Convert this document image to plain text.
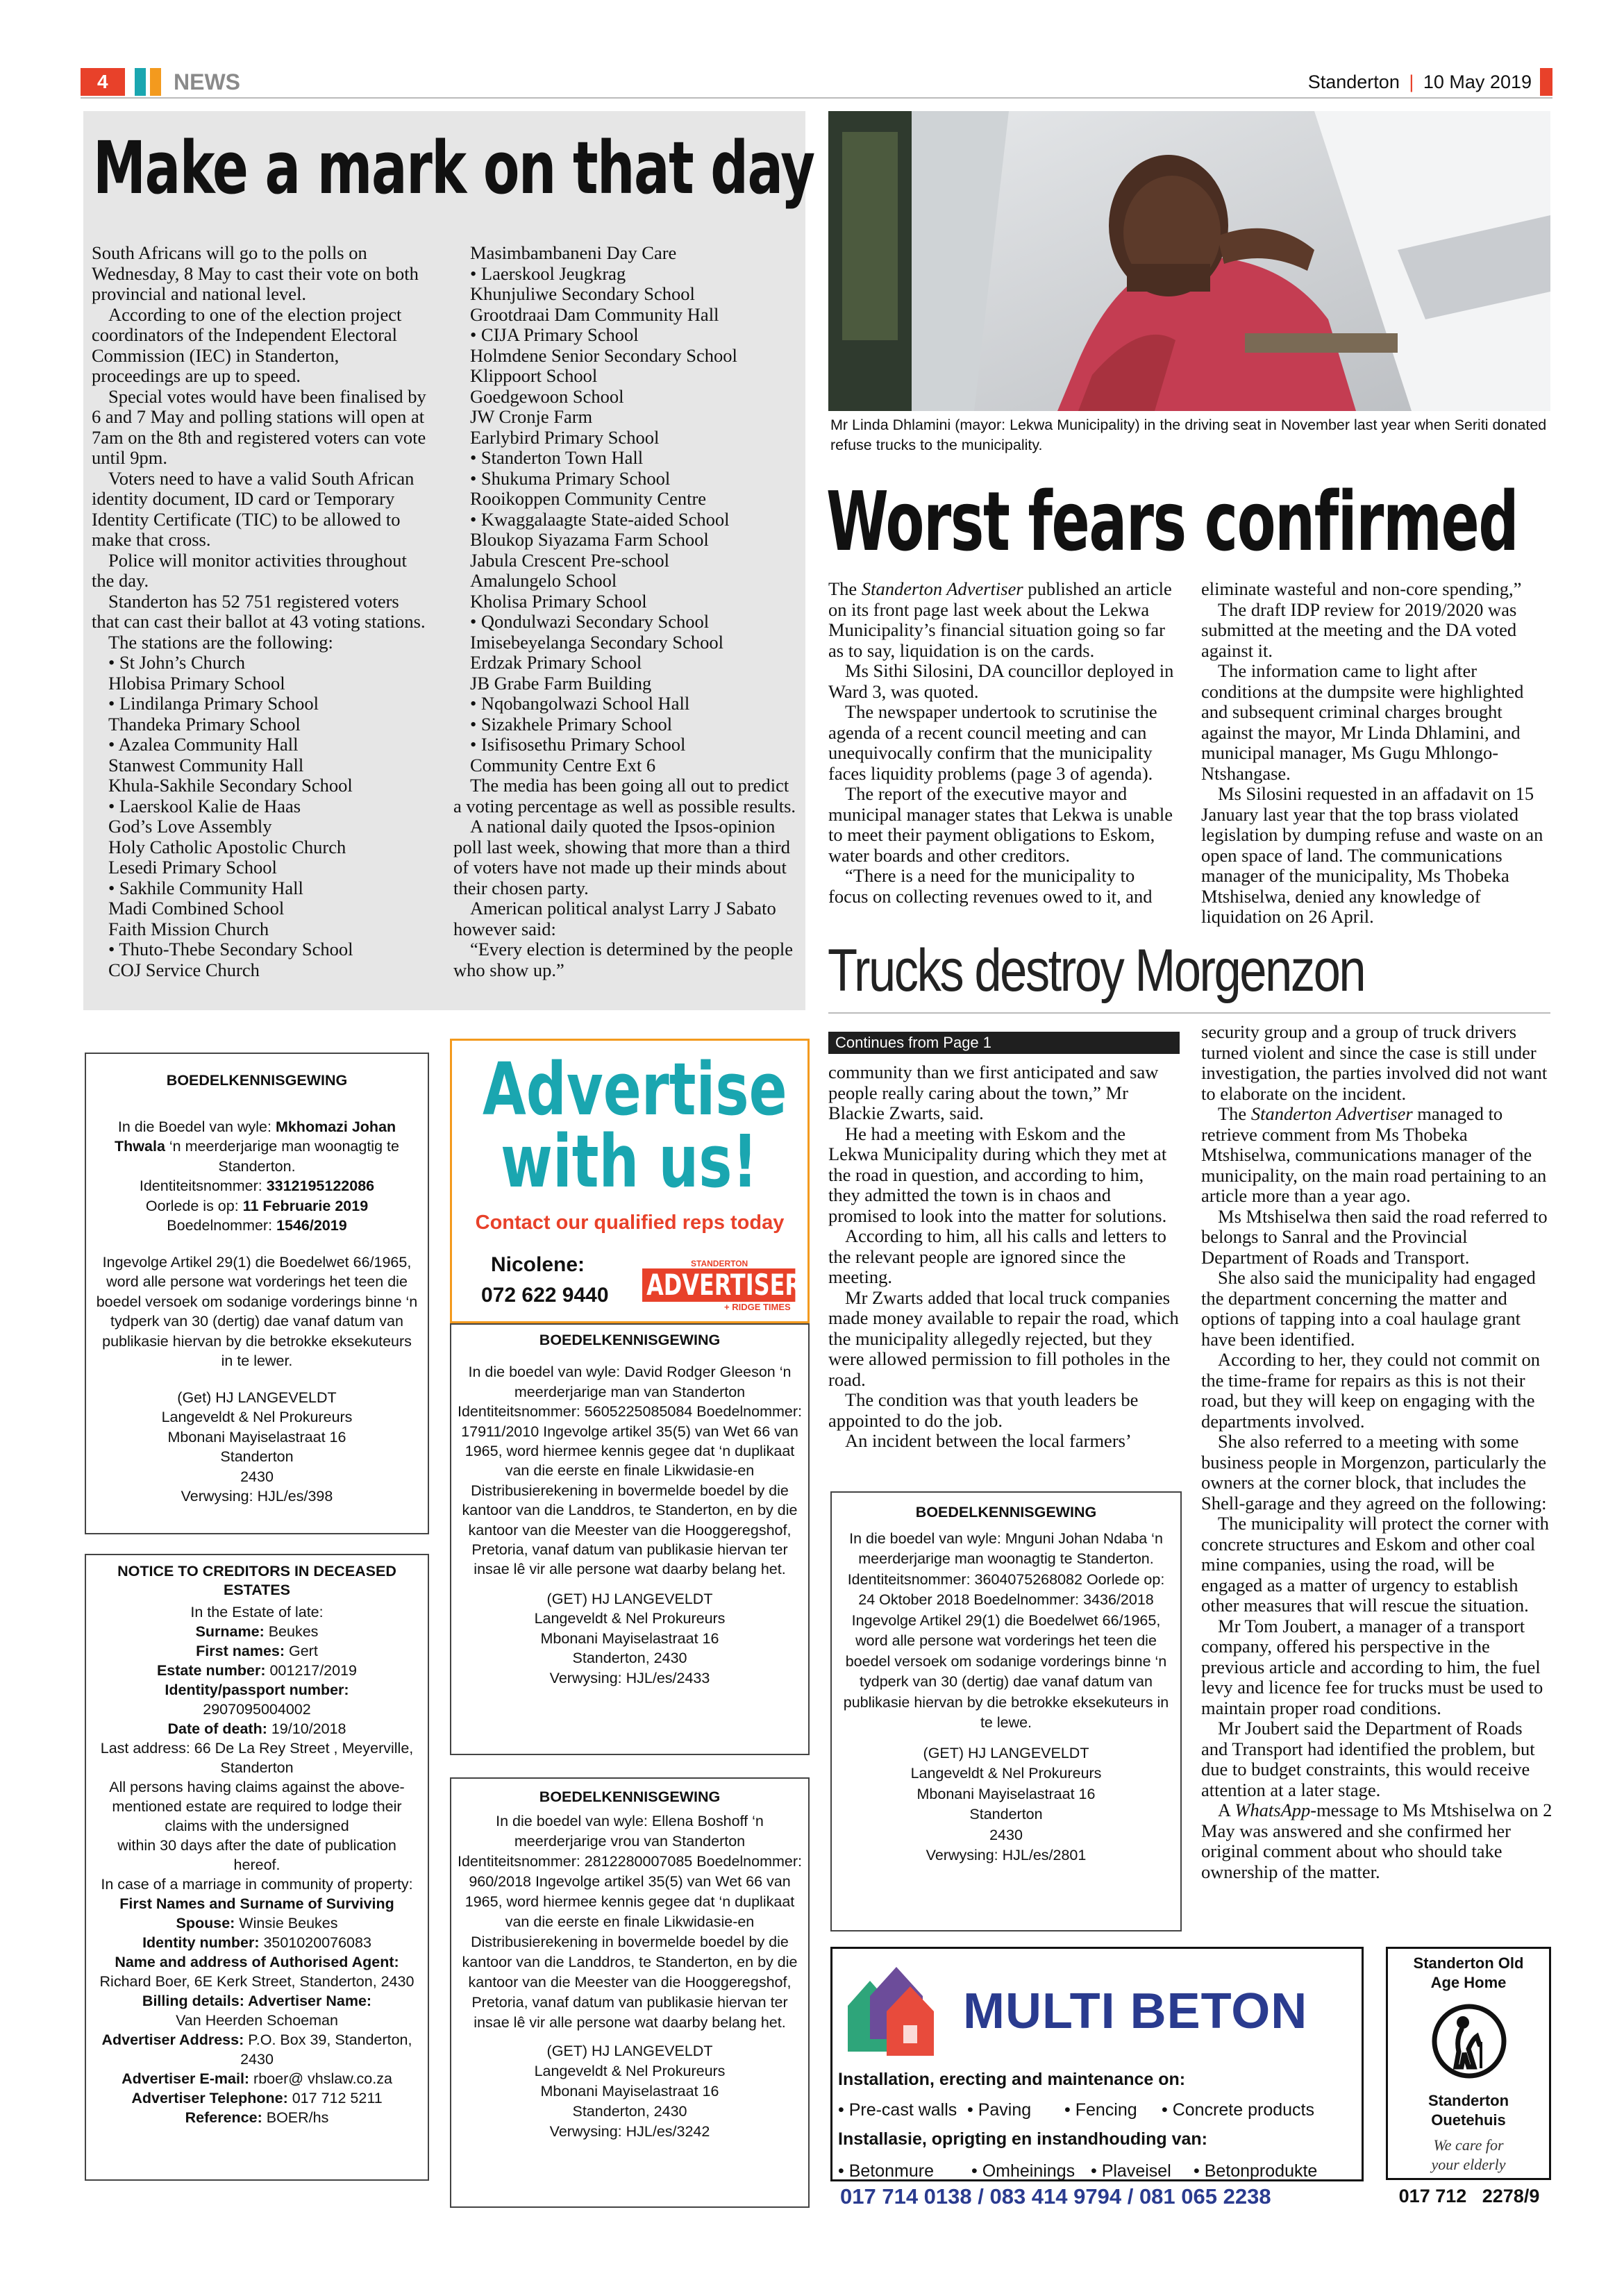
4	NEWS	Standerton | 10 May 2019
Make a mark on that day

South Africans will go to the polls on Wednesday, 8 May to cast their vote on both provincial and national level.

According to one of the election project coordinators of the Independent Electoral Commission (IEC) in Standerton, proceedings are up to speed.

Special votes would have been finalised by 6 and 7 May and polling stations will open at 7am on the 8th and registered voters can vote until 9pm.

Voters need to have a valid South African identity document, ID card or Temporary Identity Certificate (TIC) to be allowed to make that cross.

Police will monitor activities throughout the day.

Standerton has 52 751 registered voters that can cast their ballot at 43 voting stations.

The stations are the following:

• St John’s Church
Hlobisa Primary School
• Lindilanga Primary School
Thandeka Primary School
• Azalea Community Hall
Stanwest Community Hall
Khula-Sakhile Secondary School
• Laerskool Kalie de Haas
God’s Love Assembly
Holy Catholic Apostolic Church
Lesedi Primary School
• Sakhile Community Hall
Madi Combined School
Faith Mission Church
• Thuto-Thebe Secondary School
COJ Service Church
Masimbambaneni Day Care
• Laerskool Jeugkrag
Khunjuliwe Secondary School
Grootdraai Dam Community Hall
• CIJA Primary School
Holmdene Senior Secondary School
Klippoort School
Goedgewoon School
JW Cronje Farm
Earlybird Primary School
• Standerton Town Hall
• Shukuma Primary School
Rooikoppen Community Centre
• Kwaggalaagte State-aided School
Bloukop Siyazama Farm School
Jabula Crescent Pre-school
Amalungelo School
Kholisa Primary School
• Qondulwazi Secondary School
Imisebeyelanga Secondary School
Erdzak Primary School
JB Grabe Farm Building
• Nqobangolwazi School Hall
• Sizakhele Primary School
• Isifisosethu Primary School
Community Centre Ext 6

The media has been going all out to predict a voting percentage as well as possible results.

A national daily quoted the Ipsos-opinion poll last week, showing that more than a third of voters have not made up their minds about their chosen party.

American political analyst Larry J Sabato however said:

“Every election is determined by the people who show up.”

Mr Linda Dhlamini (mayor: Lekwa Municipality) in the driving seat in November last year when Seriti donated refuse trucks to the municipality.
Worst fears confirmed

The Standerton Advertiser published an article on its front page last week about the Lekwa Municipality’s financial situation going so far as to say, liquidation is on the cards.

Ms Sithi Silosini, DA councillor deployed in Ward 3, was quoted.

The newspaper undertook to scrutinise the agenda of a recent council meeting and can unequivocally confirm that the municipality faces liquidity problems (page 3 of agenda).

The report of the executive mayor and municipal manager states that Lekwa is unable to meet their payment obligations to Eskom, water boards and other creditors.

“There is a need for the municipality to focus on collecting revenues owed to it, and

eliminate wasteful and non-core spending,”

The draft IDP review for 2019/2020 was submitted at the meeting and the DA voted against it.

The information came to light after conditions at the dumpsite were highlighted and subsequent criminal charges brought against the mayor, Mr Linda Dhlamini, and municipal manager, Ms Gugu Mhlongo-Ntshangase.

Ms Silosini requested in an affadavit on 15 January last year that the top brass violated legislation by dumping refuse and waste on an open space of land. The communications manager of the municipality, Ms Thobeka Mtshiselwa, denied any knowledge of liquidation on 26 April.

Trucks destroy Morgenzon
Continues from Page 1

community than we first anticipated and saw people really caring about the town,” Mr Blackie Zwarts, said.

He had a meeting with Eskom and the Lekwa Municipality during which they met at the road in question, and according to him, they admitted the town is in chaos and promised to look into the matter for solutions.

According to him, all his calls and letters to the relevant people are ignored since the meeting.

Mr Zwarts added that local truck companies made money available to repair the road, which the municipality allegedly rejected, but they were allowed permission to fill potholes in the road.

The condition was that youth leaders be appointed to do the job.

An incident between the local farmers’

security group and a group of truck drivers turned violent and since the case is still under investigation, the parties involved did not want to elaborate on the incident.

The Standerton Advertiser managed to retrieve comment from Ms Thobeka Mtshiselwa, communications manager of the municipality, on the main road pertaining to an article more than a year ago.

Ms Mtshiselwa then said the road referred to belongs to Sanral and the Provincial Department of Roads and Transport.

She also said the municipality had engaged the department concerning the matter and options of tapping into a coal haulage grant have been identified.

According to her, they could not commit on the time-frame for repairs as this is not their road, but they will keep on engaging with the departments involved.

She also referred to a meeting with some business people in Morgenzon, particularly the owners at the corner block, that includes the Shell-garage and they agreed on the following:

The municipality will protect the corner with concrete structures and Eskom and other coal mine companies, using the road, will be engaged as a matter of urgency to establish other measures that will rescue the situation.

Mr Tom Joubert, a manager of a transport company, offered his perspective in the previous article and according to him, the fuel levy and licence fee for trucks must be used to maintain proper road conditions.

Mr Joubert said the Department of Roads and Transport had identified the problem, but due to budget constraints, this would receive attention at a later stage.

A WhatsApp-message to Ms Mtshiselwa on 2 May was answered and she confirmed her original comment about who should take ownership of the matter.

BOEDELKENNISGEWING
In die Boedel van wyle: Mkhomazi Johan Thwala ‘n meerderjarige man woonagtig te Standerton.
Identiteitsnommer: 3312195122086
Oorlede is op: 11 Februarie 2019
Boedelnommer: 1546/2019
Ingevolge Artikel 29(1) die Boedelwet 66/1965, word alle persone wat vorderings het teen die boedel versoek om sodanige vorderings binne ‘n tydperk van 30 (dertig) dae vanaf datum van publikasie hiervan by die betrokke eksekuteurs in te lewer.
(Get) HJ LANGEVELDT
Langeveldt & Nel Prokureurs
Mbonani Mayiselastraat 16
Standerton
2430
Verwysing: HJL/es/398
NOTICE TO CREDITORS IN DECEASED ESTATES
In the Estate of late:
Surname: Beukes
First names: Gert
Estate number: 001217/2019
Identity/passport number:
2907095004002
Date of death: 19/10/2018
Last address: 66 De La Rey Street , Meyerville, Standerton
All persons having claims against the above-mentioned estate are required to lodge their claims with the undersigned
within 30 days after the date of publication hereof.
In case of a marriage in community of property:
First Names and Surname of Surviving Spouse: Winsie Beukes
Identity number: 3501020076083
Name and address of Authorised Agent:
Richard Boer, 6E Kerk Street, Standerton, 2430
Billing details: Advertiser Name:
Van Heerden Schoeman
Advertiser Address: P.O. Box 39, Standerton, 2430
Advertiser E-mail: rboer@ vhslaw.co.za
Advertiser Telephone: 017 712 5211
Reference: BOER/hs
Advertise
with us!
Contact our qualified reps today
Nicolene:
072 622 9440
STANDERTON
ADVERTISER
+ RIDGE TIMES
BOEDELKENNISGEWING
In die boedel van wyle: David Rodger Gleeson ‘n meerderjarige man van Standerton Identiteitsnommer: 5605225085084 Boedelnommer: 17911/2010 Ingevolge artikel 35(5) van Wet 66 van 1965, word hiermee kennis gegee dat ‘n duplikaat van die eerste en finale Likwidasie-en Distribusierekening in bovermelde boedel by die kantoor van die Landdros, te Standerton, en by die kantoor van die Meester van die Hooggeregshof, Pretoria, vanaf datum van publikasie hiervan ter insae lê vir alle persone wat daarby belang het.
(GET) HJ LANGEVELDT
Langeveldt & Nel Prokureurs
Mbonani Mayiselastraat 16
Standerton, 2430
Verwysing: HJL/es/2433
BOEDELKENNISGEWING
In die boedel van wyle: Ellena Boshoff ‘n meerderjarige vrou van Standerton Identiteitsnommer: 2812280007085 Boedelnommer: 960/2018 Ingevolge artikel 35(5) van Wet 66 van 1965, word hiermee kennis gegee dat ‘n duplikaat van die eerste en finale Likwidasie-en Distribusierekening in bovermelde boedel by die kantoor van die Landdros, te Standerton, en by die kantoor van die Meester van die Hooggeregshof, Pretoria, vanaf datum van publikasie hiervan ter insae lê vir alle persone wat daarby belang het.
(GET) HJ LANGEVELDT
Langeveldt & Nel Prokureurs
Mbonani Mayiselastraat 16
Standerton, 2430
Verwysing: HJL/es/3242
BOEDELKENNISGEWING
In die boedel van wyle: Mnguni Johan Ndaba ‘n meerderjarige man woonagtig te Standerton. Identiteitsnommer: 3604075268082 Oorlede op: 24 Oktober 2018 Boedelnommer: 3436/2018 Ingevolge Artikel 29(1) die Boedelwet 66/1965, word alle persone wat vorderings het teen die boedel versoek om sodanige vorderings binne ‘n tydperk van 30 (dertig) dae vanaf datum van publikasie hiervan by die betrokke eksekuteurs in te lewe.
(GET) HJ LANGEVELDT
Langeveldt & Nel Prokureurs
Mbonani Mayiselastraat 16
Standerton
2430
Verwysing: HJL/es/2801
MULTI BETON
Installation, erecting and maintenance on:
• Pre-cast walls • Paving • Fencing • Concrete products
Installasie, oprigting en instandhouding van:
• Betonmure • Omheinings • Plaveisel • Betonprodukte
017 714 0138 / 083 414 9794 / 081 065 2238
Standerton Old
Age Home
Standerton
Ouetehuis
We care for
your elderly
017 712   2278/9
